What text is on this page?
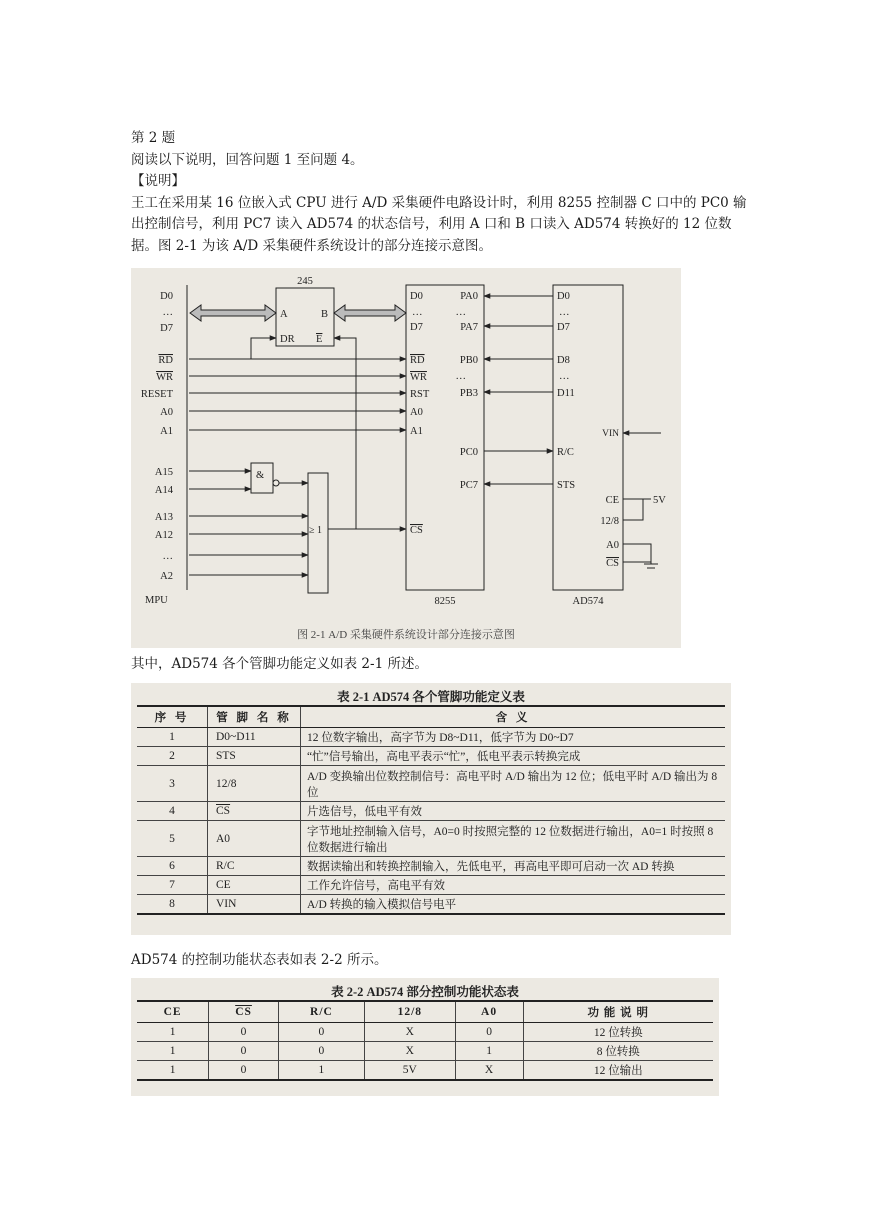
第 2 题

阅读以下说明，回答问题 1 至问题 4。

【说明】

王工在采用某 16 位嵌入式 CPU 进行 A/D 采集硬件电路设计时，利用 8255 控制器 C 口中的 PC0 输出控制信号，利用 PC7 读入 AD574 的状态信号，利用 A 口和 B 口读入 AD574 转换好的 12 位数据。图 2-1 为该 A/D 采集硬件系统设计的部分连接示意图。

D0
…
D7
RD
WR
RESET
A0
A1
A15
A14
A13
A12
…
A2
MPU
245
A	B
DR E
&
≥ 1
D0
…
D7
RD
WR
RST
A0
A1
CS
PA0
…
PA7
PB0
…
PB3
PC0
PC7
8255
D0
…
D7
D8
…
D11
R/C
STS
VIN
CE
12/8
A0
CS
5V
AD574
图 2-1 A/D 采集硬件系统设计部分连接示意图

其中，AD574 各个管脚功能定义如表 2-1 所述。

表 2-1 AD574 各个管脚功能定义表
序 号	管 脚 名 称	含 义
1	D0~D11	12 位数字输出，高字节为 D8~D11，低字节为 D0~D7
2	STS	“忙”信号输出，高电平表示“忙”，低电平表示转换完成
3	12/8	A/D 变换输出位数控制信号：高电平时 A/D 输出为 12 位；低电平时 A/D 输出为 8 位
4	$\overline{CS}$	片选信号，低电平有效
5	A0	字节地址控制输入信号，A0=0 时按照完整的 12 位数据进行输出，A0=1 时按照 8 位数据进行输出
6	R/C	数据读输出和转换控制输入，先低电平，再高电平即可启动一次 AD 转换
7	CE	工作允许信号，高电平有效
8	VIN	A/D 转换的输入模拟信号电平

AD574 的控制功能状态表如表 2-2 所示。

表 2-2 AD574 部分控制功能状态表
CE	$\overline{CS}$	R/C	12/8	A0	功 能 说 明
1	0	0	X	0	12 位转换
1	0	0	X	1	8 位转换
1	0	1	5V	X	12 位输出
